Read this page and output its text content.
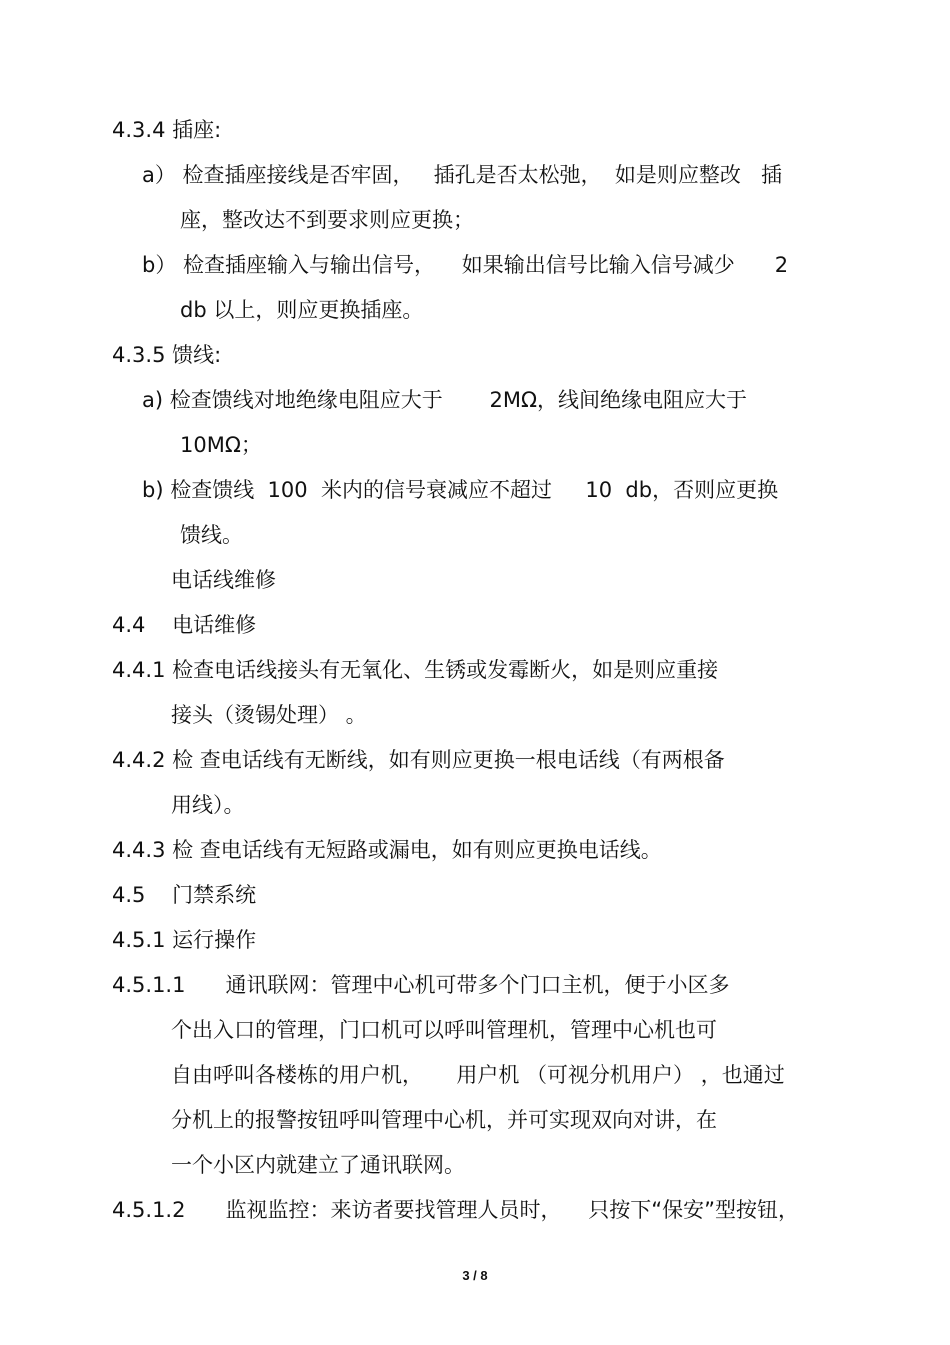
4.3.4 插座:
a） 检查插座接线是否牢固，   插孔是否太松弛，  如是则应整改   插
座，整改达不到要求则应更换；
b） 检查插座输入与输出信号，    如果输出信号比输入信号减少      2
db 以上，则应更换插座。
4.3.5 馈线:
a) 检查馈线对地绝缘电阻应大于       2MΩ，线间绝缘电阻应大于
10MΩ；
b) 检查馈线  100  米内的信号衰减应不超过     10  db，否则应更换
馈线。
电话线维修
4.4    电话维修
4.4.1 检查电话线接头有无氧化、生锈或发霉断火，如是则应重接
接头（烫锡处理） 。
4.4.2 检 查电话线有无断线，如有则应更换一根电话线（有两根备
用线）。
4.4.3 检 查电话线有无短路或漏电，如有则应更换电话线。
4.5    门禁系统
4.5.1 运行操作
4.5.1.1      通讯联网：管理中心机可带多个门口主机，便于小区多
个出入口的管理，门口机可以呼叫管理机，管理中心机也可
自由呼叫各楼栋的用户机，     用户机 （可视分机用户） ，也通过
分机上的报警按钮呼叫管理中心机，并可实现双向对讲，在
一个小区内就建立了通讯联网。
4.5.1.2      监视监控：来访者要找管理人员时，    只按下“保安”型按钮，
3 / 8
